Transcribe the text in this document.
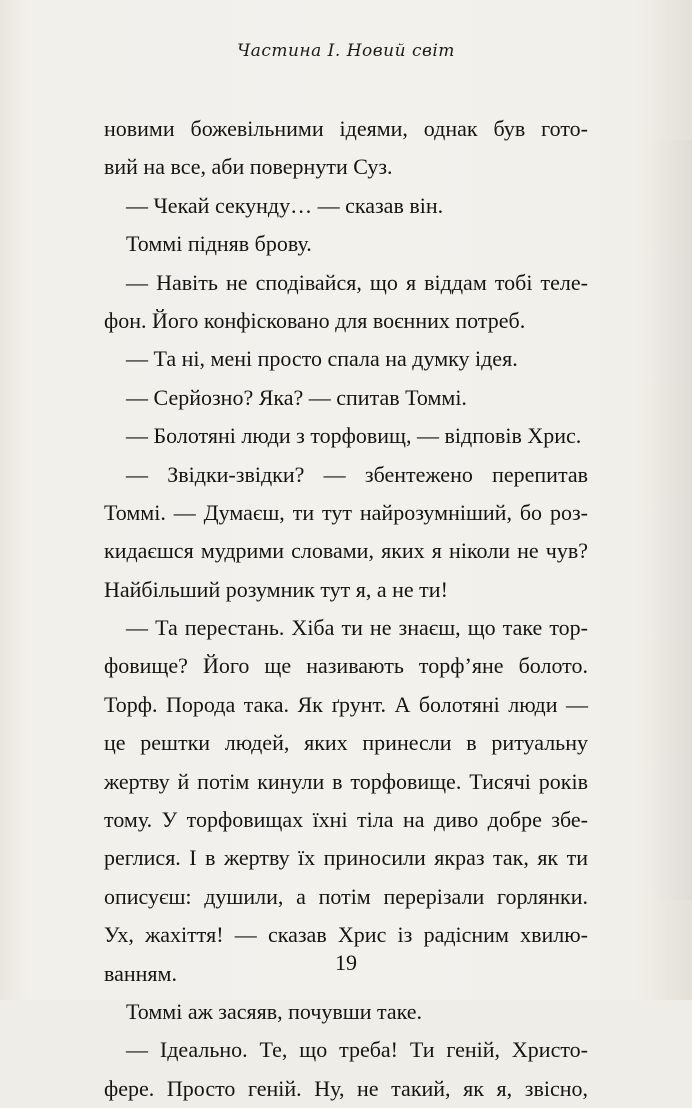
Частина I. Новий світ
новими божевільними ідеями, однак був гото-
вий на все, аби повернути Суз.
— Чекай секунду… — сказав він.
Томмі підняв брову.
— Навіть не сподівайся, що я віддам тобі теле-
фон. Його конфісковано для воєнних потреб.
— Та ні, мені просто спала на думку ідея.
— Серйозно? Яка? — спитав Томмі.
— Болотяні люди з торфовищ, — відповів Хрис.
— Звідки-звідки? — збентежено перепитав
Томмі. — Думаєш, ти тут найрозумніший, бо роз-
кидаєшся мудрими словами, яких я ніколи не чув?
Найбільший розумник тут я, а не ти!
— Та перестань. Хіба ти не знаєш, що таке тор-
фовище? Його ще називають торф’яне болото.
Торф. Порода така. Як ґрунт. А болотяні люди —
це рештки людей, яких принесли в ритуальну
жертву й потім кинули в торфовище. Тисячі років
тому. У торфовищах їхні тіла на диво добре збе-
реглися. І в жертву їх приносили якраз так, як ти
описуєш: душили, а потім перерізали горлянки.
Ух, жахіття! — сказав Хрис із радісним хвилю-
ванням.
Томмі аж засяяв, почувши таке.
— Ідеально. Те, що треба! Ти геній, Христо-
фере. Просто геній. Ну, не такий, як я, звісно,
19
